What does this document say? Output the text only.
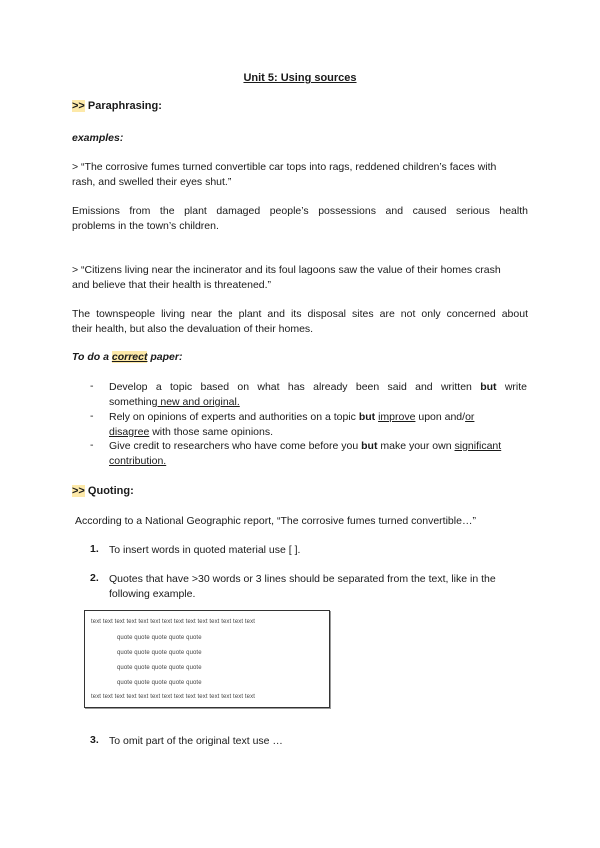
Unit 5: Using sources
>> Paraphrasing:
examples:
> “The corrosive fumes turned convertible car tops into rags, reddened children’s faces with
rash, and swelled their eyes shut.”
Emissions from the plant damaged people’s possessions and caused serious health
problems in the town’s children.
> “Citizens living near the incinerator and its foul lagoons saw the value of their homes crash
and believe that their health is threatened.”
The townspeople living near the plant and its disposal sites are not only concerned about
their health, but also the devaluation of their homes.
To do a correct paper:
- Develop a topic based on what has already been said and written but write
something new and original.
- Rely on opinions of experts and authorities on a topic but improve upon and/or
disagree with those same opinions.
- Give credit to researchers who have come before you but make your own significant
contribution.
>> Quoting:
According to a National Geographic report, “The corrosive fumes turned convertible…”
1. To insert words in quoted material use [ ].
2. Quotes that have >30 words or 3 lines should be separated from the text, like in the
following example.
text text text text text text text text text text text text text text
quote quote quote quote quote
quote quote quote quote quote
quote quote quote quote quote
quote quote quote quote quote
text text text text text text text text text text text text text text
3. To omit part of the original text use …
